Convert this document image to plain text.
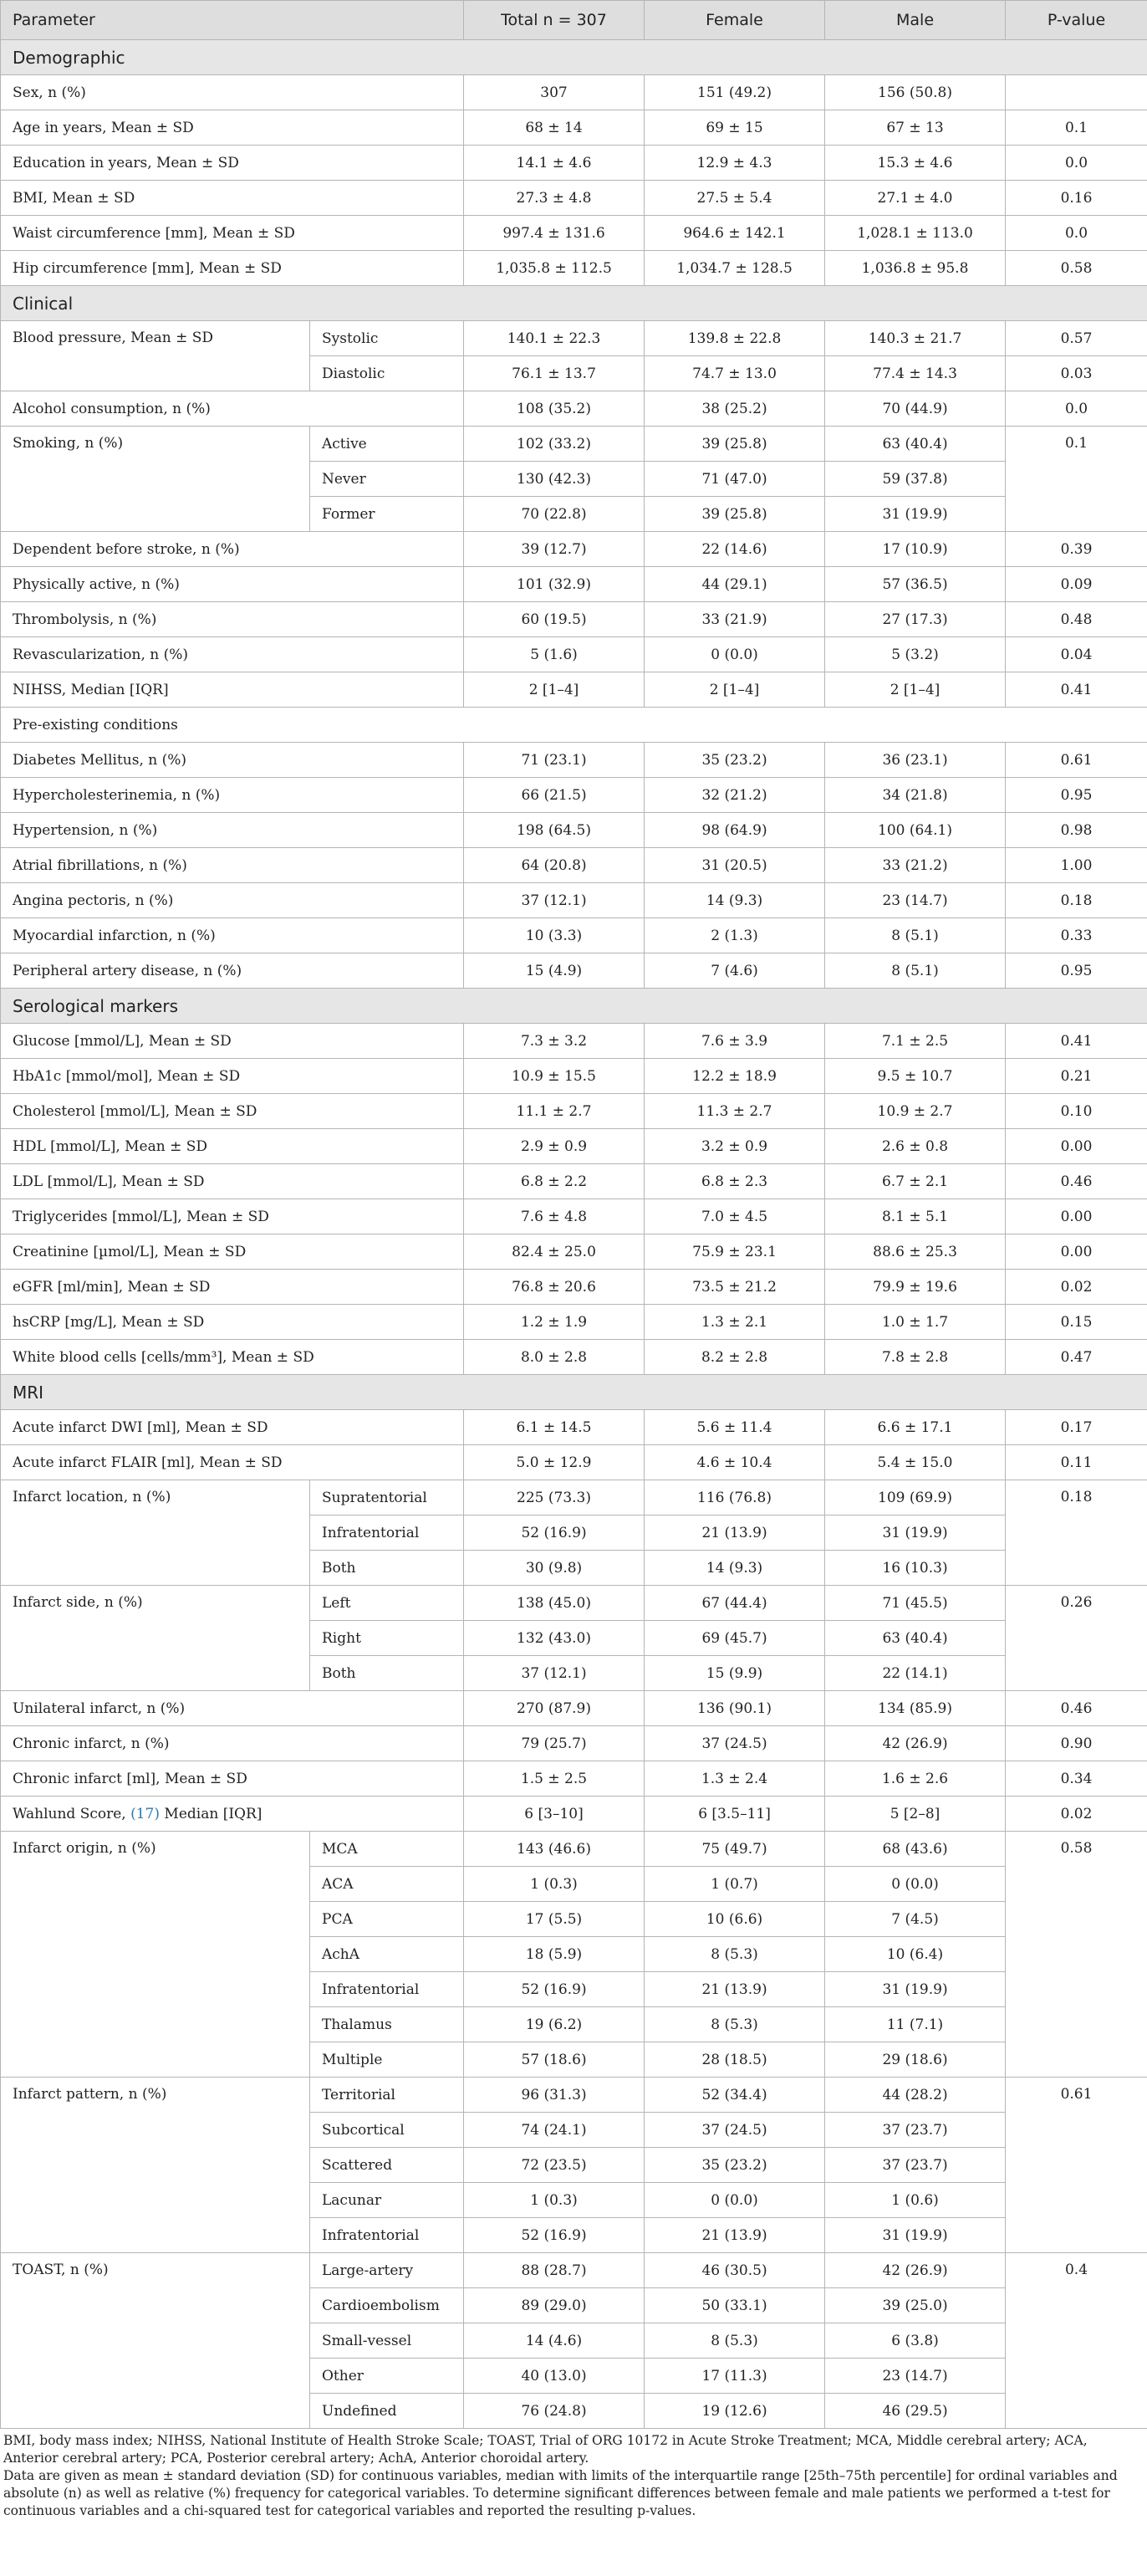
Parameter		Total n = 307	Female	Male	P-value
Demographic					
Sex, n (%)		307	151 (49.2)	156 (50.8)	
Age in years, Mean ± SD		68 ± 14	69 ± 15	67 ± 13	0.1
Education in years, Mean ± SD		14.1 ± 4.6	12.9 ± 4.3	15.3 ± 4.6	0.0
BMI, Mean ± SD		27.3 ± 4.8	27.5 ± 5.4	27.1 ± 4.0	0.16
Waist circumference [mm], Mean ± SD		997.4 ± 131.6	964.6 ± 142.1	1,028.1 ± 113.0	0.0
Hip circumference [mm], Mean ± SD		1,035.8 ± 112.5	1,034.7 ± 128.5	1,036.8 ± 95.8	0.58
Clinical					
Blood pressure, Mean ± SD	Systolic	140.1 ± 22.3	139.8 ± 22.8	140.3 ± 21.7	0.57
	Diastolic	76.1 ± 13.7	74.7 ± 13.0	77.4 ± 14.3	0.03
Alcohol consumption, n (%)		108 (35.2)	38 (25.2)	70 (44.9)	0.0
Smoking, n (%)	Active	102 (33.2)	39 (25.8)	63 (40.4)	0.1
	Never	130 (42.3)	71 (47.0)	59 (37.8)	
	Former	70 (22.8)	39 (25.8)	31 (19.9)	
Dependent before stroke, n (%)		39 (12.7)	22 (14.6)	17 (10.9)	0.39
Physically active, n (%)		101 (32.9)	44 (29.1)	57 (36.5)	0.09
Thrombolysis, n (%)		60 (19.5)	33 (21.9)	27 (17.3)	0.48
Revascularization, n (%)		5 (1.6)	0 (0.0)	5 (3.2)	0.04
NIHSS, Median [IQR]		2 [1–4]	2 [1–4]	2 [1–4]	0.41
Pre-existing conditions					
Diabetes Mellitus, n (%)		71 (23.1)	35 (23.2)	36 (23.1)	0.61
Hypercholesterinemia, n (%)		66 (21.5)	32 (21.2)	34 (21.8)	0.95
Hypertension, n (%)		198 (64.5)	98 (64.9)	100 (64.1)	0.98
Atrial fibrillations, n (%)		64 (20.8)	31 (20.5)	33 (21.2)	1.00
Angina pectoris, n (%)		37 (12.1)	14 (9.3)	23 (14.7)	0.18
Myocardial infarction, n (%)		10 (3.3)	2 (1.3)	8 (5.1)	0.33
Peripheral artery disease, n (%)		15 (4.9)	7 (4.6)	8 (5.1)	0.95
Serological markers					
Glucose [mmol/L], Mean ± SD		7.3 ± 3.2	7.6 ± 3.9	7.1 ± 2.5	0.41
HbA1c [mmol/mol], Mean ± SD		10.9 ± 15.5	12.2 ± 18.9	9.5 ± 10.7	0.21
Cholesterol [mmol/L], Mean ± SD		11.1 ± 2.7	11.3 ± 2.7	10.9 ± 2.7	0.10
HDL [mmol/L], Mean ± SD		2.9 ± 0.9	3.2 ± 0.9	2.6 ± 0.8	0.00
LDL [mmol/L], Mean ± SD		6.8 ± 2.2	6.8 ± 2.3	6.7 ± 2.1	0.46
Triglycerides [mmol/L], Mean ± SD		7.6 ± 4.8	7.0 ± 4.5	8.1 ± 5.1	0.00
Creatinine [µmol/L], Mean ± SD		82.4 ± 25.0	75.9 ± 23.1	88.6 ± 25.3	0.00
eGFR [ml/min], Mean ± SD		76.8 ± 20.6	73.5 ± 21.2	79.9 ± 19.6	0.02
hsCRP [mg/L], Mean ± SD		1.2 ± 1.9	1.3 ± 2.1	1.0 ± 1.7	0.15
White blood cells [cells/mm³], Mean ± SD		8.0 ± 2.8	8.2 ± 2.8	7.8 ± 2.8	0.47
MRI					
Acute infarct DWI [ml], Mean ± SD		6.1 ± 14.5	5.6 ± 11.4	6.6 ± 17.1	0.17
Acute infarct FLAIR [ml], Mean ± SD		5.0 ± 12.9	4.6 ± 10.4	5.4 ± 15.0	0.11
Infarct location, n (%)	Supratentorial	225 (73.3)	116 (76.8)	109 (69.9)	0.18
	Infratentorial	52 (16.9)	21 (13.9)	31 (19.9)	
	Both	30 (9.8)	14 (9.3)	16 (10.3)	
Infarct side, n (%)	Left	138 (45.0)	67 (44.4)	71 (45.5)	0.26
	Right	132 (43.0)	69 (45.7)	63 (40.4)	
	Both	37 (12.1)	15 (9.9)	22 (14.1)	
Unilateral infarct, n (%)		270 (87.9)	136 (90.1)	134 (85.9)	0.46
Chronic infarct, n (%)		79 (25.7)	37 (24.5)	42 (26.9)	0.90
Chronic infarct [ml], Mean ± SD		1.5 ± 2.5	1.3 ± 2.4	1.6 ± 2.6	0.34
Wahlund Score, (17) Median [IQR]		6 [3–10]	6 [3.5–11]	5 [2–8]	0.02
Infarct origin, n (%)	MCA	143 (46.6)	75 (49.7)	68 (43.6)	0.58
	ACA	1 (0.3)	1 (0.7)	0 (0.0)	
	PCA	17 (5.5)	10 (6.6)	7 (4.5)	
	AchA	18 (5.9)	8 (5.3)	10 (6.4)	
	Infratentorial	52 (16.9)	21 (13.9)	31 (19.9)	
	Thalamus	19 (6.2)	8 (5.3)	11 (7.1)	
	Multiple	57 (18.6)	28 (18.5)	29 (18.6)	
Infarct pattern, n (%)	Territorial	96 (31.3)	52 (34.4)	44 (28.2)	0.61
	Subcortical	74 (24.1)	37 (24.5)	37 (23.7)	
	Scattered	72 (23.5)	35 (23.2)	37 (23.7)	
	Lacunar	1 (0.3)	0 (0.0)	1 (0.6)	
	Infratentorial	52 (16.9)	21 (13.9)	31 (19.9)	
TOAST, n (%)	Large-artery	88 (28.7)	46 (30.5)	42 (26.9)	0.4
	Cardioembolism	89 (29.0)	50 (33.1)	39 (25.0)	
	Small-vessel	14 (4.6)	8 (5.3)	6 (3.8)	
	Other	40 (13.0)	17 (11.3)	23 (14.7)	
	Undefined	76 (24.8)	19 (12.6)	46 (29.5)	

BMI, body mass index; NIHSS, National Institute of Health Stroke Scale; TOAST, Trial of ORG 10172 in Acute Stroke Treatment; MCA, Middle cerebral artery; ACA, Anterior cerebral artery; PCA, Posterior cerebral artery; AchA, Anterior choroidal artery.

Data are given as mean ± standard deviation (SD) for continuous variables, median with limits of the interquartile range [25th–75th percentile] for ordinal variables and absolute (n) as well as relative (%) frequency for categorical variables. To determine significant differences between female and male patients we performed a t-test for continuous variables and a chi-squared test for categorical variables and reported the resulting p-values.
